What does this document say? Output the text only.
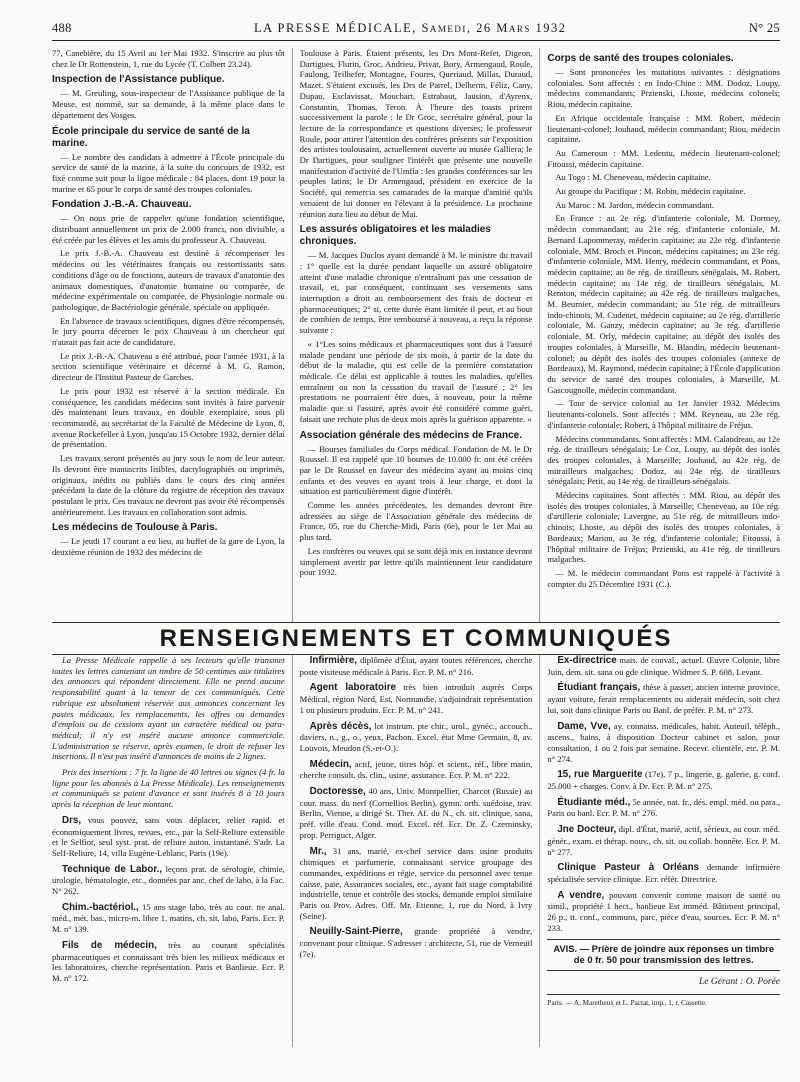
488	LA PRESSE MÉDICALE, Samedi, 26 Mars 1932	N° 25

77, Canebière, du 15 Avril au 1er Mai 1932. S'inscrire au plus tôt chez le Dr Rottenstein, 1, rue du Lycée (T. Colbert 23.24).

Inspection de l'Assistance publique.

— M. Greuling, sous-inspecteur de l'Assistance publique de la Meuse, est nommé, sur sa demande, à la même place dans le département des Vosges.

École principale du service de santé de la marine.

— Le nombre des candidats à admettre à l'École principale du service de santé de la marine, à la suite du concours de 1932, est fixé comme suit pour la ligne médicale : 84 places, dont 19 pour la marine et 65 pour le corps de santé des troupes coloniales.

Fondation J.-B.-A. Chauveau.

— On nous prie de rappeler qu'une fondation scientifique, distribuant annuellement un prix de 2.000 francs, non divisible, a été créée par les élèves et les amis du professeur A. Chauveau.

Le prix J.-B.-A. Chauveau est destiné à récompenser les médecins ou les vétérinaires français ou ressortissants sans conditions d'âge ou de fonctions, auteurs de travaux d'anatomie des animaux domestiques, d'anatomie humaine ou comparée, de médecine expérimentale ou comparée, de Physiologie normale ou pathologique, de Bactériologie générale, spéciale ou appliquée.

En l'absence de travaux scientifiques, dignes d'être récompensés, le jury pourra décerner le prix Chauveau à un chercheur qui n'aurait pas fait acte de candidature.

Le prix J.-B.-A. Chauveau a été attribué, pour l'année 1931, à la section scientifique vétérinaire et décerné à M. G. Ramon, directeur de l'Institut Pasteur de Garches.

Le prix pour 1932 est réservé à la section médicale. En conséquence, les candidats médecins sont invités à faire parvenir dès maintenant leurs travaux, en double exemplaire, sous pli recommandé, au secrétariat de la Faculté de Médecine de Lyon, 8, avenue Rockefeller à Lyon, jusqu'au 15 Octobre 1932, dernier délai de présentation.

Les travaux seront présentés au jury sous le nom de leur auteur. Ils devront être manuscrits lisibles, dactylographiés ou imprimés, originaux, inédits ou publiés dans le cours des cinq années précédant la date de la clôture du registre de réception des travaux postulant le prix. Ces travaux ne devront pas avoir été récompensés antérieurement. Les travaux en collaboration sont admis.

Les médecins de Toulouse à Paris.

— Le jeudi 17 courant a eu lieu, au buffet de la gare de Lyon, la deuxième réunion de 1932 des médecins de

Toulouse à Paris. Étaient présents, les Drs Mont-Refet, Digeon, Dartigues, Flurin, Groc, Andrieu, Privat, Bory, Armengaud, Roule, Faulong, Teilhefer, Montagne, Foures, Queriaud, Millas, Duraud, Mazet. S'étaient excusés, les Drs de Parrel, Delherm, Féliz, Cany, Dupau, Esclavissat, Mouchart, Estrabaut, Jausion, d'Ayrenx, Constantin, Thomas, Teron. À l'heure des toasts prirent successivement la parole : le Dr Groc, secrétaire général, pour la lecture de la correspondance et questions diverses; le professeur Roule, pour attirer l'attention des confrères présents sur l'exposition des artistes toulousains, actuellement ouverte au musée Galliera; le Dr Dartigues, pour souligner l'intérêt que présente une nouvelle manifestation d'activité de l'Umfia : les grandes conférences sur les peuples latins; le Dr Armengaud, président en exercice de la Société, qui remercia ses camarades de la marque d'amitié qu'ils venaient de lui donner en l'élevant à la présidence. La prochaine réunion aura lieu au début de Mai.

Les assurés obligatoires et les maladies chroniques.

— M. Jacques Duclos ayant demandé à M. le ministre du travail : 1° quelle est la durée pendant laquelle un assuré obligatoire atteint d'une maladie chronique n'entraînant pas une cessation de travail, et, par conséquent, continuant ses versements sans interruption a droit au remboursement des frais de docteur et pharmaceutiques; 2° si, cette durée étant limitée il peut, et au bout de combien de temps, être remboursé à nouveau, a reçu la réponse suivante :

« 1°Les soins médicaux et pharmaceutiques sont dus à l'assuré malade pendant une période de six mois, à partir de la date du début de la maladie, qui est celle de la première constatation médicale. Ce délai est applicable à toutes les maladies, qu'elles entraînent ou non la cessation du travail de l'assuré ; 2° les prestations ne pourraient être dues, à nouveau, pour la même maladie que si l'assuré, après avoir été considéré comme guéri, faisait une rechute plus de deux mois après la guérison apparente. »

Association générale des médecins de France.

— Bourses familiales du Corps médical. Fondation de M. le Dr Roussel. Il est rappelé que 10 bourses de 10.000 fr. ont été créées par le Dr Roussel en faveur des médecins ayant au moins cinq enfants et des veuves en ayant trois à leur charge, et dont la situation est particulièrement digne d'intérêt.

Comme les années précédentes, les demandes devront être adressées au siège de l'Association générale des médecins de France, 05, rue du Cherche-Midi, Paris (6e), pour le 1er Mai au plus tard.

Les confrères ou veuves qui se sont déjà mis en instance devront simplement avertir par lettre qu'ils maintiennent leur candidature pour 1932.

Corps de santé des troupes coloniales.

— Sont prononcées les mutations suivantes : désignations coloniales. Sont affectés : en Indo-Chine : MM. Dodoz, Loupy, médecins commandants; Przienski, Lhoste, médecins colonels; Riou, médecin capitaine.

En Afrique occidentale française : MM. Robert, médecin lieutenant-colonel; Jouhaud, médecin commandant; Riou, médecin capitaine.

Au Cameroun : MM. Ledentu, médecin lieutenant-colonel; Fitoussi, médecin capitaine.

Au Togo : M. Cheneveau, médecin capitaine.

Au groupe du Pacifique : M. Robin, médecin capitaine.

Au Maroc : M. Jardon, médecin commandant.

En France : au 2e rég. d'infanterie coloniale, M. Dormey, médecin commandant; au 21e rég. d'infanterie coloniale, M. Bernard Lapommeray, médecin capitaine; au 22e rég. d'infanterie coloniale, MM. Broch et Pincon, médecins capitaines; au 23e rég. d'infanterie coloniale, MM. Henry, médecin commandant, et Pons, médecin capitaine; au 8e rég. de tirailleurs sénégalais, M. Robert, médecin capitaine; au 14e rég. de tirailleurs sénégalais, M. Remion, médecin capitaine; au 42e rég. de tirailleurs malgaches, M. Beurnier, médecin commandant; au 51e rég. de mitrailleurs indo-chinois, M. Cudenet, médecin capitaine; au 2e rég. d'artillerie coloniale, M. Ganzy, médecin capitaine; au 3e rég. d'artillerie coloniale, M. Orly, médecin capitaine; au dépôt des isolés des troupes coloniales, à Marseille, M. Blandin, médecin lieutenant-colonel; au dépôt des isolés des troupes coloniales (annexe de Bordeaux), M. Raymond, médecin capitaine; à l'École d'application du service de santé des troupes coloniales, à Marseille, M. Gascougnolle, médecin commandant.

— Tour de service colonial au 1er Janvier 1932. Médecins lieutenants-colonels. Sont affectés : MM. Reyneau, au 23e rég. d'infanterie coloniale; Robert, à l'hôpital militaire de Fréjus.

Médecins commandants. Sont affectés : MM. Calandreau, au 12e rég. de tirailleurs sénégalais; Le Coz, Loupy, au dépôt des isolés des troupes coloniales, à Marseille; Jouhaud, au 42e rég. de mitrailleurs malgaches; Dodoz, au 24e rég. de tirailleurs sénégalais; Petit, au 14e rég. de tirailleurs sénégalais.

Médecins capitaines. Sont affectés : MM. Riou, au dépôt des isolés des troupes coloniales, à Marseille; Cheneveau, au 10e rég. d'artillerie coloniale; Lavergne, au 51e rég. de mitrailleurs indo-chinois; Lhoste, au dépôt des isolés des troupes coloniales, à Bordeaux; Marion, au 3e rég. d'infanterie coloniale; Fitoussi, à l'hôpital militaire de Fréjus; Przienski, au 41e rég. de tirailleurs malgaches.

— M. le médecin commandant Pons est rappelé à l'activité à compter du 25 Décembre 1931 (C.).

RENSEIGNEMENTS ET COMMUNIQUÉS

La Presse Médicale rappelle à ses lecteurs qu'elle transmet toutes les lettres contenant un timbre de 50 centimes aux titulaires des annonces qui répondent directement. Elle ne prend aucune responsabilité quant à la teneur de ces communiqués. Cette rubrique est absolument réservée aux annonces concernant les postes médicaux, les remplacements, les offres ou demandes d'emplois ou de cessions ayant un caractère médical ou para-médical; il n'y est inséré aucune annonce commerciale. L'administration se réserve, après examen, le droit de refuser les insertions. Il n'est pas inséré d'annonces de moins de 2 lignes.

Prix des insertions : 7 fr. la ligne de 40 lettres ou signes (4 fr. la ligne pour les abonnés à La Presse Médicale). Les renseignements et communiqués se paient d'avance et sont insérés 8 à 10 jours après la réception de leur montant.

Drs, vous pouvez, sans vous déplacer, relier rapid. et économiquement livres, revues, etc., par la Self-Reliure extensible et le Selfior, seul syst. prat. de reliure auton. instantané. S'adr. La Self-Reliure, 14, villa Eugène-Leblanc, Paris (19e).

Technique de Labor., leçons prat. de sérologie, chimie, urologie, hématologie, etc., données par anc. chef de labo, à la Fac. N° 262.

Chim.-bactériol., 15 ans stage labo, très au cour. tte anal. méd., mét. bas., micro-m. libre 1. matins, ch. sit. labo, Paris. Ecr. P. M. n° 139.

Fils de médecin, très au courant spécialités pharmaceutiques et connaissant très bien les milieux médicaux et les laboratoires, cherche représentation. Paris et Banlieue. Ecr. P. M. n° 172.

Infirmière, diplômée d'État, ayant toutes références, cherche poste visiteuse médicale à Paris. Ecr. P. M. n° 216.

Agent laboratoire très bien introduit auprès Corps Médical, région Nord, Est, Normandie, s'adjoindrait représentation 1 ou plusieurs produits. Ecr. P. M. n° 241.

Après décès, lot instrum. pte chir., urol., gynéc., accouch., daviers, n., g., o., yeux, Pachon. Excel. état Mme Germain, 8, av. Louvois, Meudon (S.-et-O.).

Médecin, actif, jeune, titres hôp. et scient., réf., libre matin, cherche consult. ds. clin., usine, assurance. Ecr. P. M. n° 222.

Doctoresse, 40 ans, Univ. Montpellier, Charcot (Russie) au cour. mass. du nerf (Cornellios Berlin), gymn. orth. suédoise, trav. Berlin, Vienne, a dirigé St. Ther. Af. du N., ch. sit. clinique, sana, préf. ville d'eau. Cond. mod. Excel. réf. Ecr. Dr. Z. Czerninsky, prop. Perriguct, Alger.

Mr., 31 ans, marié, ex-chef service dans usine produits chimiques et parfumerie, connaissant service groupage des commandes, expéditions et régie, service du personnel avec tenue caisse, paie, Assurances sociales, etc., ayant fait stage comptabilité industrielle, tenue et contrôle des stocks, demande emploi similaire Paris ou Prov. Adres. Off. Mr. Etienne, 1, rue du Nord, à Ivry (Seine).

Neuilly-Saint-Pierre, grande propriété à vendre, convenant pour clinique. S'adresser : architecte, 51, rue de Verneuil (7e).

Ex-directrice mais. de conval., actuel. Œuvre Colonie, libre Juin, dem. sit. sana ou gde clinique. Widmer S. P. 608, Levant.

Étudiant français, thèse à passer, ancien interne province, ayant voiture, ferait remplacements ou aiderait médecin, soit chez lui, soit dans clinique Paris ou Banl. de préfér. P. M. n° 273.

Dame, Vve, ay. connaiss. médicales, habit. Auteuil, téléph., ascens., bains, à disposition Docteur cabinet et salon, pour consultation, 1 ou 2 fois par semaine. Recevr. clientèle, etc. P. M. n° 274.

15, rue Marguerite (17e), 7 p., lingerie, g. galerie, g. conf. 25.000 + charges. Conv. à Dr. Ecr. P. M. n° 275.

Étudiante méd., 5e année, nat. fr., dés. empl. méd. ou para., Paris ou banl. Ecr. P. M. n° 276.

Jne Docteur, dipl. d'État, marié, actif, sérieux, au cour. méd. génér., exam. et thérap. nouv., ch. sit. ou collab. honnête. Ecr. P. M. n° 277.

Clinique Pasteur à Orléans demande infirmière spécialisée service clinique. Ecr. référ. Directrice.

A vendre, pouvant convenir comme maison de santé ou simil., propriété 1 hect., banlieue Est imméd. Bâtiment principal, 26 p., tt. conf., communs, parc, pièce d'eau, sources. Ecr. P. M. n° 233.

AVIS. — Prière de joindre aux réponses un timbre de 0 fr. 50 pour transmission des lettres.
Le Gérant : O. Porée
Paris. — A. Maretheux et L. Pactat, imp., 1, r. Cassette.
